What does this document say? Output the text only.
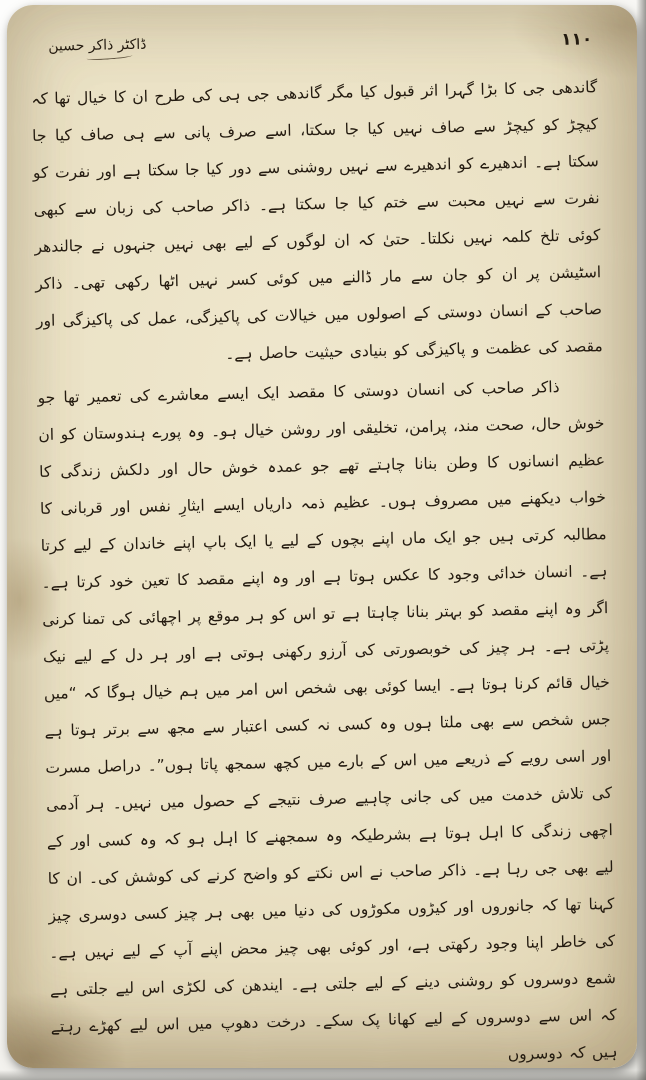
ڈاکٹر ذاکر حسین	۱۱۰

گاندھی جی کا بڑا گہرا اثر قبول کیا مگر گاندھی جی ہی کی طرح ان کا خیال تھا کہ کیچڑ کو کیچڑ سے صاف نہیں کیا جا سکتا، اسے صرف پانی سے ہی صاف کیا جا سکتا ہے۔ اندھیرے کو اندھیرے سے نہیں روشنی سے دور کیا جا سکتا ہے اور نفرت کو نفرت سے نہیں محبت سے ختم کیا جا سکتا ہے۔ ذاکر صاحب کی زبان سے کبھی کوئی تلخ کلمہ نہیں نکلتا۔ حتیٰ کہ ان لوگوں کے لیے بھی نہیں جنہوں نے جالندھر اسٹیشن پر ان کو جان سے مار ڈالنے میں کوئی کسر نہیں اٹھا رکھی تھی۔ ذاکر صاحب کے انسان دوستی کے اصولوں میں خیالات کی پاکیزگی، عمل کی پاکیزگی اور مقصد کی عظمت و پاکیزگی کو بنیادی حیثیت حاصل ہے۔

ذاکر صاحب کی انسان دوستی کا مقصد ایک ایسے معاشرے کی تعمیر تھا جو خوش حال، صحت مند، پرامن، تخلیقی اور روشن خیال ہو۔ وہ پورے ہندوستان کو ان عظیم انسانوں کا وطن بنانا چاہتے تھے جو عمدہ خوش حال اور دلکش زندگی کا خواب دیکھنے میں مصروف ہوں۔ عظیم ذمہ داریاں ایسے ایثارِ نفس اور قربانی کا مطالبہ کرتی ہیں جو ایک ماں اپنے بچوں کے لیے یا ایک باپ اپنے خاندان کے لیے کرتا ہے۔ انسان خدائی وجود کا عکس ہوتا ہے اور وہ اپنے مقصد کا تعین خود کرتا ہے۔ اگر وہ اپنے مقصد کو بہتر بنانا چاہتا ہے تو اس کو ہر موقع پر اچھائی کی تمنا کرنی پڑتی ہے۔ ہر چیز کی خوبصورتی کی آرزو رکھنی ہوتی ہے اور ہر دل کے لیے نیک خیال قائم کرنا ہوتا ہے۔ ایسا کوئی بھی شخص اس امر میں ہم خیال ہوگا کہ “میں جس شخص سے بھی ملتا ہوں وہ کسی نہ کسی اعتبار سے مجھ سے برتر ہوتا ہے اور اسی رویے کے ذریعے میں اس کے بارے میں کچھ سمجھ پاتا ہوں”۔ دراصل مسرت کی تلاش خدمت میں کی جانی چاہیے صرف نتیجے کے حصول میں نہیں۔ ہر آدمی اچھی زندگی کا اہل ہوتا ہے بشرطیکہ وہ سمجھنے کا اہل ہو کہ وہ کسی اور کے لیے بھی جی رہا ہے۔ ذاکر صاحب نے اس نکتے کو واضح کرنے کی کوشش کی۔ ان کا کہنا تھا کہ جانوروں اور کیڑوں مکوڑوں کی دنیا میں بھی ہر چیز کسی دوسری چیز کی خاطر اپنا وجود رکھتی ہے، اور کوئی بھی چیز محض اپنے آپ کے لیے نہیں ہے۔ شمع دوسروں کو روشنی دینے کے لیے جلتی ہے۔ ایندھن کی لکڑی اس لیے جلتی ہے کہ اس سے دوسروں کے لیے کھانا پک سکے۔ درخت دھوپ میں اس لیے کھڑے رہتے ہیں کہ دوسروں
